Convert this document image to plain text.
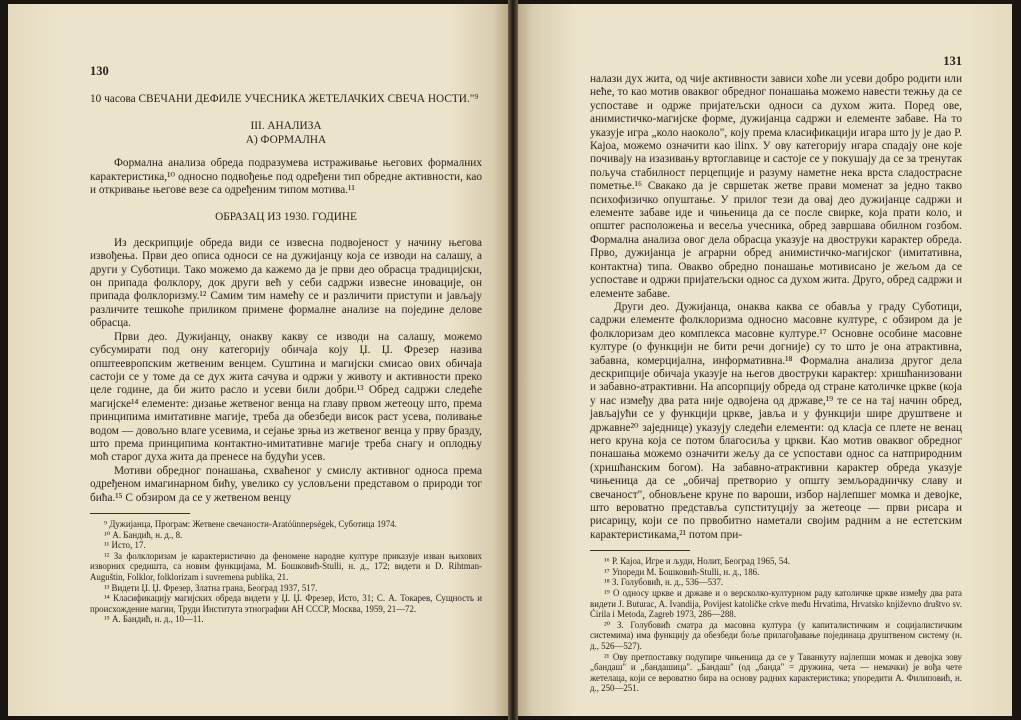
130

10 часова СВЕЧАНИ ДЕФИЛЕ УЧЕСНИКА ЖЕТЕЛАЧКИХ СВЕЧА НОСТИ."⁹

III. АНАЛИЗА
А) ФОРМАЛНА

Формална анализа обреда подразумева истраживање његових формалних карактеристика,¹⁰ односно подвођење под одређени тип обредне активности, као и откривање његове везе са одређеним типом мотива.¹¹

ОБРАЗАЦ ИЗ 1930. ГОДИНЕ

Из дескрипције обреда види се извесна подвојеност у начину његова извођења. Први део описа односи се на дужијанцу која се изводи на салашу, а други у Суботици. Тако можемо да кажемо да је први део обрасца традицијски, он припада фолклору, док други већ у себи садржи извесне иновације, он припада фолклоризму.¹² Самим тим намећу се и различити приступи и јављају различите тешкоће приликом примене формалне анализе на поједине делове обрасца.

Први део. Дужијанцу, онакву какву се изводи на салашу, можемо субсумирати под ону категорију обичаја коју Џ. Џ. Фрезер назива општеевропским жетвеним венцем. Суштина и магијски смисао ових обичаја састоји се у томе да се дух жита сачува и одржи у животу и активности преко целе године, да би жито расло и усеви били добри.¹³ Обред садржи следеће магијске¹⁴ елементе: дизање жетвеног венца на главу првом жетеоцу што, према принципима имитативне магије, треба да обезбеди висок раст усева, поливање водом — довољно влаге усевима, и сејање зрња из жетвеног венца у прву бразду, што према принципима контактно-имитативне магије треба снагу и оплодњу моћ старог духа жита да пренесе на будући усев.

Мотиви обредног понашања, схваћеног у смислу активног односа према одређеном имагинарном бићу, увелико су условљени представом о природи тог бића.¹⁵ С обзиром да се у жетвеном венцу

⁹ Дужијанца, Програм: Жетвене свечаности-Aratóünnepségek, Суботица 1974.

¹⁰ А. Бандић, н. д., 8.

¹¹ Исто, 17.

¹² За фолклоризам је карактеристично да феномене народне културе приказује изван њихових изворних средишта, са новим функцијама, М. Бошковић-Stulli, н. д., 172; видети и D. Rihtman-Auguštin, Folklor, folklorizam i suvremena publika, 21.

¹³ Видети Џ. Џ. Фрезер, Златна грана, Београд 1937, 517.

¹⁴ Класификацију магијских обреда видети у Џ. Џ. Фрезер, Исто, 31; С. А. Токарев, Сущность и происхождение магии, Труди Института этнографии АН СССР, Москва, 1959, 21—72.

¹⁵ А. Бандић, н. д., 10—11.

131

налази дух жита, од чије активности зависи хоће ли усеви добро родити или неће, то као мотив оваквог обредног понашања можемо навести тежњу да се успоставе и одрже пријатељски односи са духом жита. Поред ове, анимистичко-магијске форме, дужијанца садржи и елементе забаве. На то указује игра „коло наоколо", коју према класификацији игара што ју је дао Р. Кајоа, можемо означити као ilinx. У ову категорију игара спадају оне које почивају на изазивању вртоглавице и састоје се у покушају да се за тренутак поључа стабилност перцепције и разуму наметне нека врста сладострасне пометње.¹⁶ Свакако да је свршетак жетве прави моменат за једно такво психофизичко опуштање. У прилог тези да овај део дужијанце садржи и елементе забаве иде и чињеница да се после свирке, која прати коло, и општег расположења и весеља учесника, обред завршава обилном гозбом. Формална анализа овог дела обрасца указује на двоструки карактер обреда. Прво, дужијанца је аграрни обред анимистичко-магијског (имитативна, контактна) типа. Овакво обредно понашање мотивисано је жељом да се успоставе и одржи пријатељски однос са духом жита. Друго, обред садржи и елементе забаве.

Други део. Дужијанца, онаква каква се обавља у граду Суботици, садржи елементе фолклоризма односно масовне културе, с обзиром да је фолклоризам део комплекса масовне културе.¹⁷ Основне особине масовне културе (о функцији не бити речи догније) су то што је она атрактивна, забавна, комерцијална, информативна.¹⁸ Формална анализа другог дела дескрипције обичаја указује на његов двоструки карактер: хришћанизовани и забавно-атрактивни. На апсорпцију обреда од стране католичке цркве (која у нас између два рата није одвојена од државе,¹⁹ те се на тај начин обред, јављајући се у функцији цркве, јавља и у функцији шире друштвене и државне²⁰ заједнице) указују следећи елементи: од класја се плете не венац него круна која се потом благосиља у цркви. Као мотив оваквог обредног понашања можемо означити жељу да се успостави однос са натприродним (хришћанским богом). На забавно-атрактивни карактер обреда указује чињеница да се „обичај претворио у општу земљорадничку славу и свечаност", обновљене круне по вароши, избор најлепшег момка и девојке, што вероватно представља супституцију за жетеоце — први рисара и рисарицу, који се по првобитно наметали својим радним а не естетским карактеристикама,²¹ потом при-

¹⁶ Р. Кајоа, Игре и људи, Нолит, Београд 1965, 54.

¹⁷ Упореди М. Бошковић-Stulli, н. д., 186.

¹⁸ З. Голубовић, н. д., 536—537.

¹⁹ О односу цркве и државе и о версколко-културном раду католичке цркве између два рата видети J. Buturac, A. Ivandija, Povijest katoličke crkve među Hrvatima, Hrvatsko književno društvo sv. Ćirila i Metoda, Zagreb 1973, 286—288.

²⁰ З. Голубовић сматра да масовна култура (у капиталистичким и социјалистичким системима) има функцију да обезбеди боље прилагођавање појединаца друштвеном систему (н. д., 526—527).

²¹ Ову претпоставку подупире чињеница да се у Таванкуту најлепши момак и девојка зову „бандаш" и „бандашица". „Бандаш" (од „банда" = дружина, чета — немачки) је вођа чете жетелаца, који се вероватно бира на основу радних карактеристика; упоредити А. Филиповић, н. д., 250—251.
